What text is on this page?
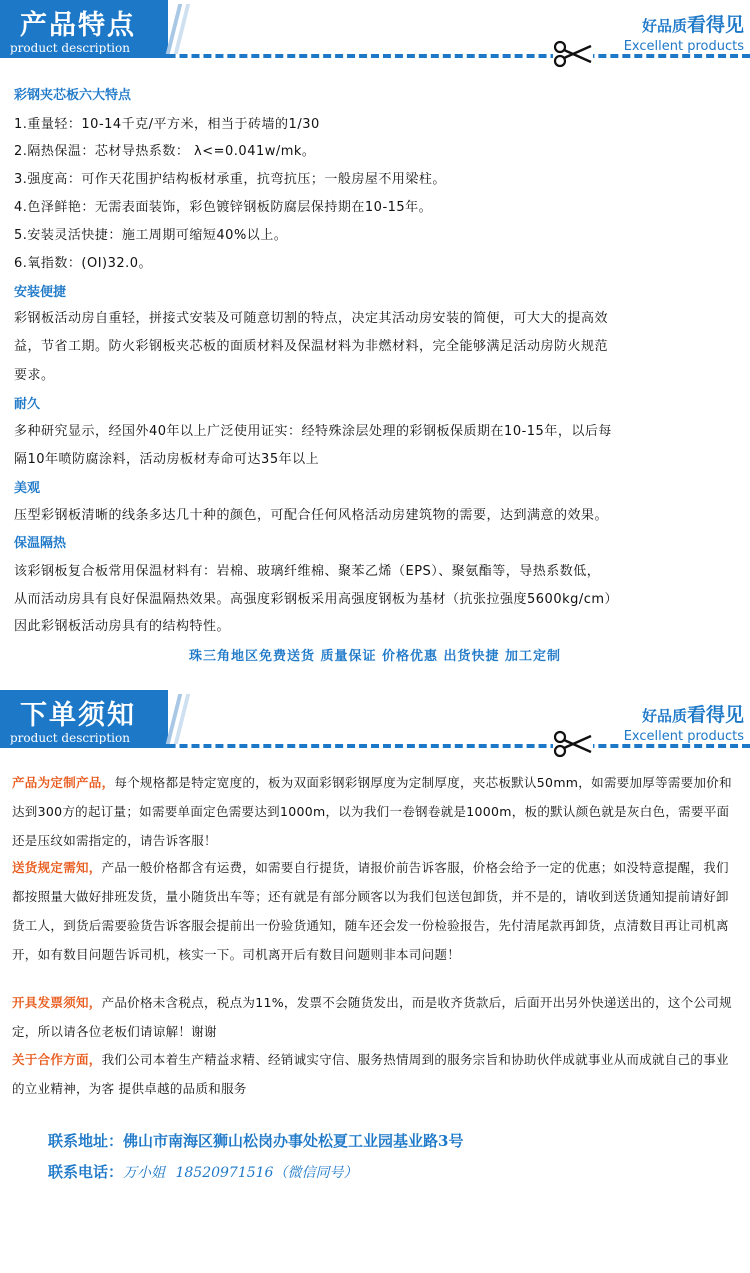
产品特点
product description
好品质看得见
Excellent products
彩钢夹芯板六大特点
1.重量轻：10-14千克/平方米，相当于砖墙的1/30
2.隔热保温：芯材导热系数： λ<=0.041w/mk。
3.强度高：可作天花围护结构板材承重，抗弯抗压；一般房屋不用梁柱。
4.色泽鲜艳：无需表面装饰，彩色镀锌钢板防腐层保持期在10-15年。
5.安装灵活快捷：施工周期可缩短40%以上。
6.氧指数：(OI)32.0。
安装便捷
彩钢板活动房自重轻，拼接式安装及可随意切割的特点，决定其活动房安装的简便，可大大的提高效
益，节省工期。防火彩钢板夹芯板的面质材料及保温材料为非燃材料，完全能够满足活动房防火规范
要求。
耐久
多种研究显示，经国外40年以上广泛使用证实：经特殊涂层处理的彩钢板保质期在10-15年，以后每
隔10年喷防腐涂料，活动房板材寿命可达35年以上
美观
压型彩钢板清晰的线条多达几十种的颜色，可配合任何风格活动房建筑物的需要，达到满意的效果。
保温隔热
该彩钢板复合板常用保温材料有：岩棉、玻璃纤维棉、聚苯乙烯（EPS）、聚氨酯等，导热系数低，
从而活动房具有良好保温隔热效果。高强度彩钢板采用高强度钢板为基材（抗张拉强度5600kg/cm）
因此彩钢板活动房具有的结构特性。
珠三角地区免费送货 质量保证 价格优惠 出货快捷 加工定制
下单须知
product description
好品质看得见
Excellent products
产品为定制产品，每个规格都是特定宽度的，板为双面彩钢彩钢厚度为定制厚度，夹芯板默认50mm，如需要加厚等需要加价和达到300方的起订量；如需要单面定色需要达到1000m，以为我们一卷钢卷就是1000m，板的默认颜色就是灰白色，需要平面还是压纹如需指定的，请告诉客服！
送货规定需知，产品一般价格都含有运费，如需要自行提货，请报价前告诉客服，价格会给予一定的优惠；如没特意提醒，我们都按照量大做好排班发货，量小随货出车等；还有就是有部分顾客以为我们包送包卸货，并不是的，请收到送货通知提前请好卸货工人，到货后需要验货告诉客服会提前出一份验货通知，随车还会发一份检验报告，先付清尾款再卸货，点清数目再让司机离开，如有数目问题告诉司机，核实一下。司机离开后有数目问题则非本司问题！
开具发票须知，产品价格未含税点，税点为11%，发票不会随货发出，而是收齐货款后，后面开出另外快递送出的，这个公司规定，所以请各位老板们请谅解！谢谢
关于合作方面，我们公司本着生产精益求精、经销诚实守信、服务热情周到的服务宗旨和协助伙伴成就事业从而成就自己的事业的立业精神，为客 提供卓越的品质和服务
联系地址：佛山市南海区狮山松岗办事处松夏工业园基业路3号
联系电话：万小姐 18520971516（微信同号）
